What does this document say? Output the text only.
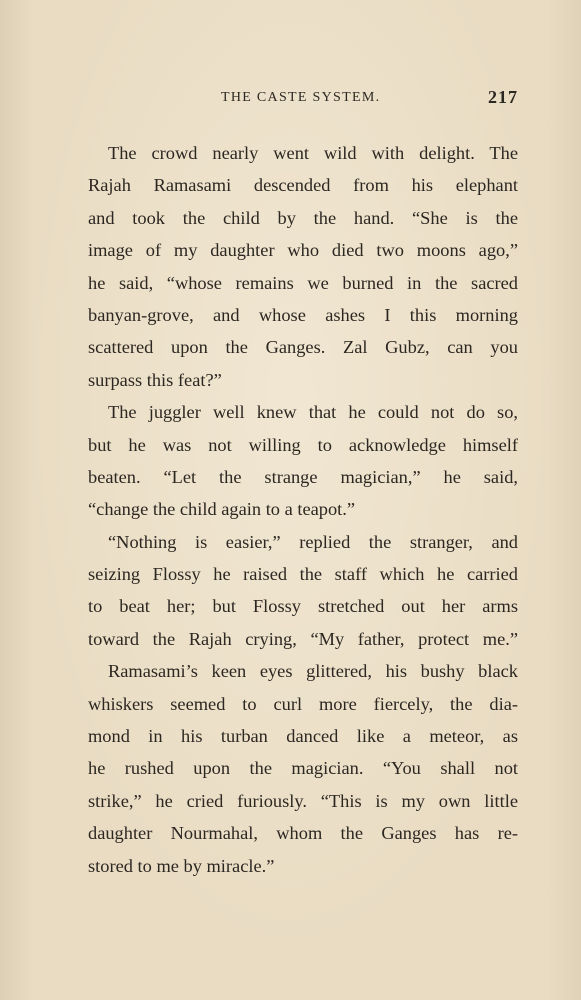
THE CASTE SYSTEM.	217
The crowd nearly went wild with delight. The
Rajah Ramasami descended from his elephant
and took the child by the hand. “She is the
image of my daughter who died two moons ago,”
he said, “whose remains we burned in the sacred
banyan-grove, and whose ashes I this morning
scattered upon the Ganges. Zal Gubz, can you
surpass this feat?”
The juggler well knew that he could not do so,
but he was not willing to acknowledge himself
beaten. “Let the strange magician,” he said,
“change the child again to a teapot.”
“Nothing is easier,” replied the stranger, and
seizing Flossy he raised the staff which he carried
to beat her; but Flossy stretched out her arms
toward the Rajah crying, “My father, protect me.”
Ramasami’s keen eyes glittered, his bushy black
whiskers seemed to curl more fiercely, the dia-
mond in his turban danced like a meteor, as
he rushed upon the magician. “You shall not
strike,” he cried furiously. “This is my own little
daughter Nourmahal, whom the Ganges has re-
stored to me by miracle.”
